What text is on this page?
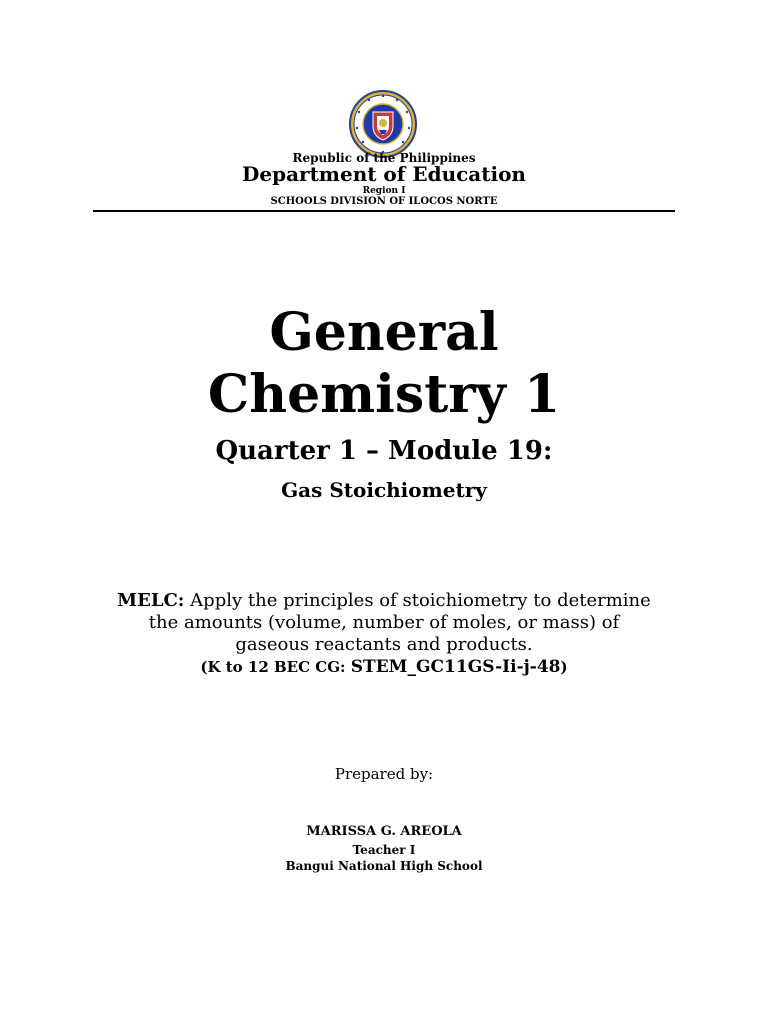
Republic of the Philippines
Department of Education
Region I
SCHOOLS DIVISION OF ILOCOS NORTE
General
Chemistry 1
Quarter 1 – Module 19:
Gas Stoichiometry
MELC: Apply the principles of stoichiometry to determine
the amounts (volume, number of moles, or mass) of
gaseous reactants and products.
(K to 12 BEC CG: STEM_GC11GS-Ii-j-48)
Prepared by:
MARISSA G. AREOLA
Teacher I
Bangui National High School
